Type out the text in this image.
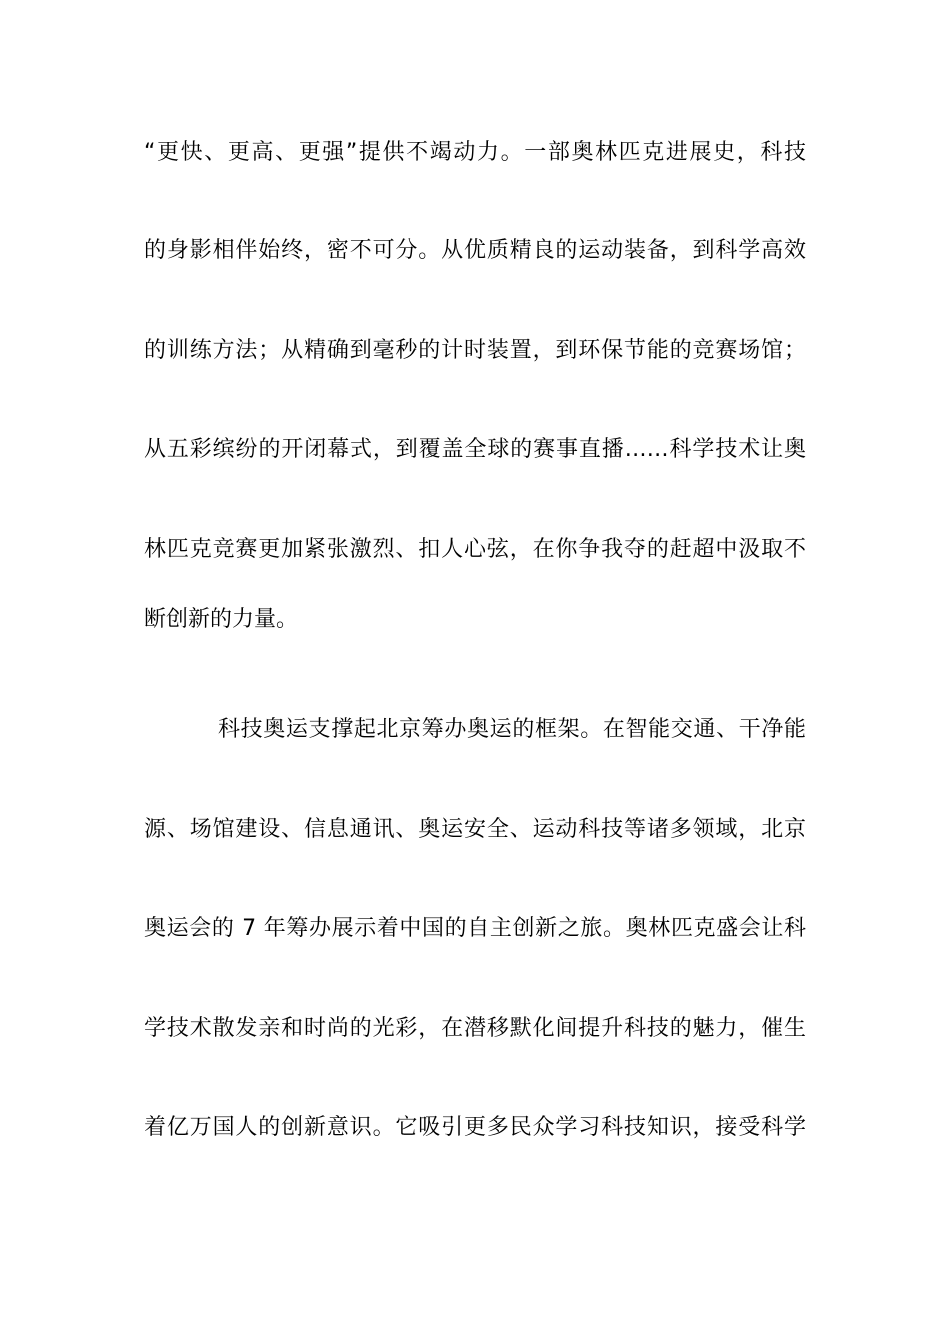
“更快、更高、更强”提供不竭动力。一部奥林匹克进展史，科技
的身影相伴始终，密不可分。从优质精良的运动装备，到科学高效
的训练方法；从精确到毫秒的计时装置，到环保节能的竞赛场馆；
从五彩缤纷的开闭幕式，到覆盖全球的赛事直播……科学技术让奥
林匹克竞赛更加紧张激烈、扣人心弦，在你争我夺的赶超中汲取不
断创新的力量。
科技奥运支撑起北京筹办奥运的框架。在智能交通、干净能
源、场馆建设、信息通讯、奥运安全、运动科技等诸多领域，北京
奥运会的 7 年筹办展示着中国的自主创新之旅。奥林匹克盛会让科
学技术散发亲和时尚的光彩，在潜移默化间提升科技的魅力，催生
着亿万国人的创新意识。它吸引更多民众学习科技知识，接受科学
